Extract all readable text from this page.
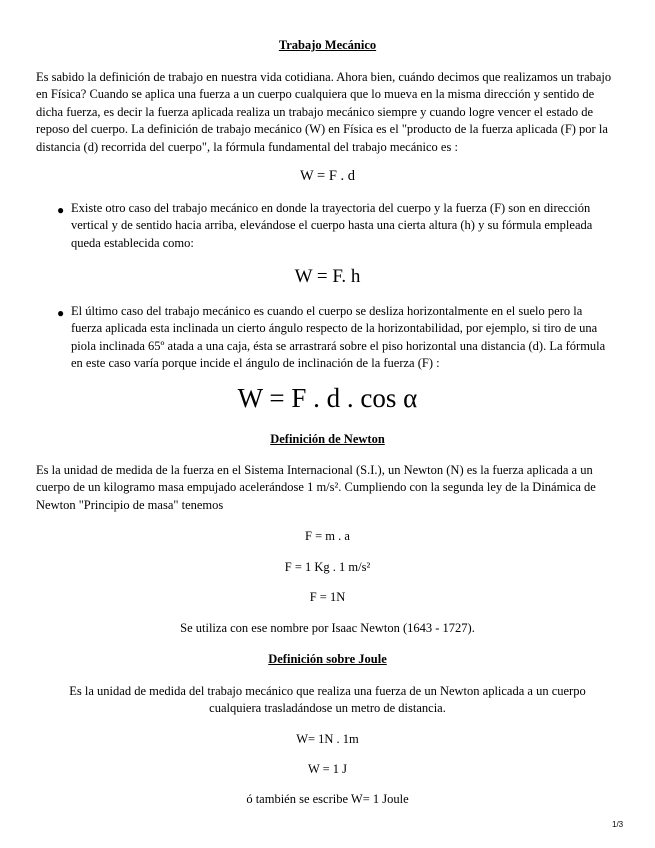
Trabajo Mecánico

Es sabido la definición de trabajo en nuestra vida cotidiana. Ahora bien, cuándo decimos que realizamos un trabajo en Física? Cuando se aplica una fuerza a un cuerpo cualquiera que lo mueva en la misma dirección y sentido de dicha fuerza, es decir la fuerza aplicada realiza un trabajo mecánico siempre y cuando logre vencer el estado de reposo del cuerpo. La definición de trabajo mecánico (W) en Física es el "producto de la fuerza aplicada (F) por la distancia (d) recorrida del cuerpo", la fórmula fundamental del trabajo mecánico es :

W = F . d
● Existe otro caso del trabajo mecánico en donde la trayectoria del cuerpo y la fuerza (F) son en dirección vertical y de sentido hacia arriba, elevándose el cuerpo hasta una cierta altura (h) y su fórmula empleada queda establecida como:

W = F. h
● El último caso del trabajo mecánico es cuando el cuerpo se desliza horizontalmente en el suelo pero la fuerza aplicada esta inclinada un cierto ángulo respecto de la horizontabilidad, por ejemplo, si tiro de una piola inclinada 65º atada a una caja, ésta se arrastrará sobre el piso horizontal una distancia (d). La fórmula en este caso varía porque incide el ángulo de inclinación de la fuerza (F) :

W = F . d . cos α
Definición de Newton

Es la unidad de medida de la fuerza en el Sistema Internacional (S.I.), un Newton (N) es la fuerza aplicada a un cuerpo de un kilogramo masa empujado acelerándose 1 m/s². Cumpliendo con la segunda ley de la Dinámica de Newton "Principio de masa" tenemos

F = m . a
F = 1 Kg . 1 m/s²
F = 1N
Se utiliza con ese nombre por Isaac Newton (1643 - 1727).
Definición sobre Joule

Es la unidad de medida del trabajo mecánico que realiza una fuerza de un Newton aplicada a un cuerpo cualquiera trasladándose un metro de distancia.

W= 1N . 1m
W = 1 J
ó también se escribe W= 1 Joule
1/3
